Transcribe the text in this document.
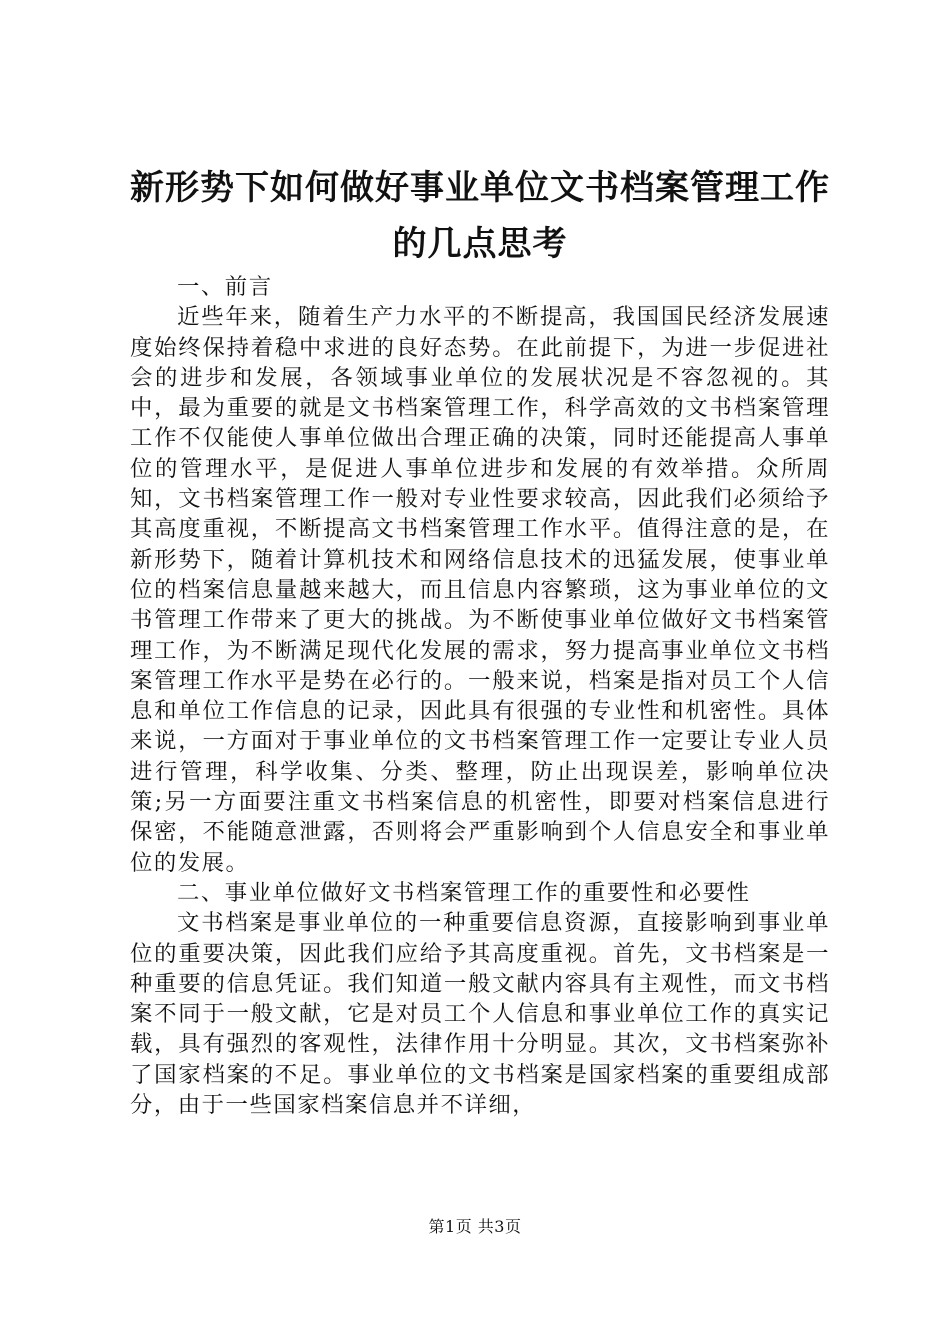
新形势下如何做好事业单位文书档案管理工作
的几点思考

一、前言

近些年来，随着生产力水平的不断提高，我国国民经济发展速度始终保持着稳中求进的良好态势。在此前提下，为进一步促进社会的进步和发展，各领域事业单位的发展状况是不容忽视的。其中，最为重要的就是文书档案管理工作，科学高效的文书档案管理工作不仅能使人事单位做出合理正确的决策，同时还能提高人事单位的管理水平，是促进人事单位进步和发展的有效举措。众所周知，文书档案管理工作一般对专业性要求较高，因此我们必须给予其高度重视，不断提高文书档案管理工作水平。值得注意的是，在新形势下，随着计算机技术和网络信息技术的迅猛发展，使事业单位的档案信息量越来越大，而且信息内容繁琐，这为事业单位的文书管理工作带来了更大的挑战。为不断使事业单位做好文书档案管理工作，为不断满足现代化发展的需求，努力提高事业单位文书档案管理工作水平是势在必行的。一般来说，档案是指对员工个人信息和单位工作信息的记录，因此具有很强的专业性和机密性。具体来说，一方面对于事业单位的文书档案管理工作一定要让专业人员进行管理，科学收集、分类、整理，防止出现误差，影响单位决策;另一方面要注重文书档案信息的机密性，即要对档案信息进行保密，不能随意泄露，否则将会严重影响到个人信息安全和事业单位的发展。

二、事业单位做好文书档案管理工作的重要性和必要性

文书档案是事业单位的一种重要信息资源，直接影响到事业单位的重要决策，因此我们应给予其高度重视。首先，文书档案是一种重要的信息凭证。我们知道一般文献内容具有主观性，而文书档案不同于一般文献，它是对员工个人信息和事业单位工作的真实记载，具有强烈的客观性，法律作用十分明显。其次，文书档案弥补了国家档案的不足。事业单位的文书档案是国家档案的重要组成部分，由于一些国家档案信息并不详细，

第1页 共3页
